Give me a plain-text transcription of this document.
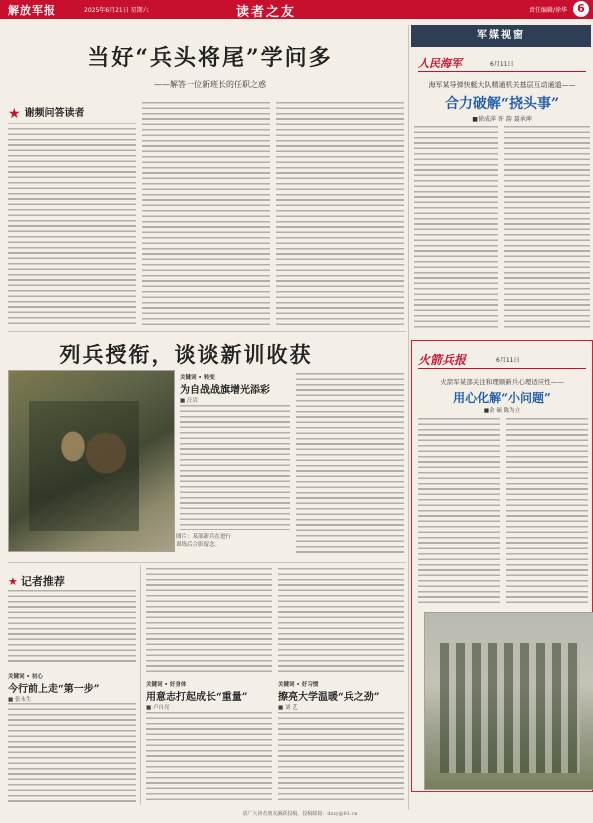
解放军报	2025年6月21日 星期六	读者之友	责任编辑/徐华 6
当好“兵头将尾”学问多
——解答一位新班长的任职之惑
★ 谢频问答读者
军媒视窗
人民海军	6月11日
海军某导弹快艇大队精通机关基层互动通道——
合力破解“挠头事”
■徐成萍 许 韵 聂承坤
列兵授衔，谈谈新训收获
图片：某部新兵在进行训练后合影留念。
关键词 • 转变
为自战战旗增光添彩
■ 汪岩
火箭兵报	6月11日
火箭军某部关注和理顺新兵心理适应性——
用心化解“小问题”
■金 硕 陈为立
★ 记者推荐
关键词 • 初心
今行前上走“第一步”
■ 张永生
关键词 • 好身体
用意志打起成长“重量”
■ 卢自亮
关键词 • 好习惯
擦亮大学温暖“兵之劲”
■ 刘 艺
请广大读者朋友踊跃投稿，投稿邮箱：dzzy@81.cn
